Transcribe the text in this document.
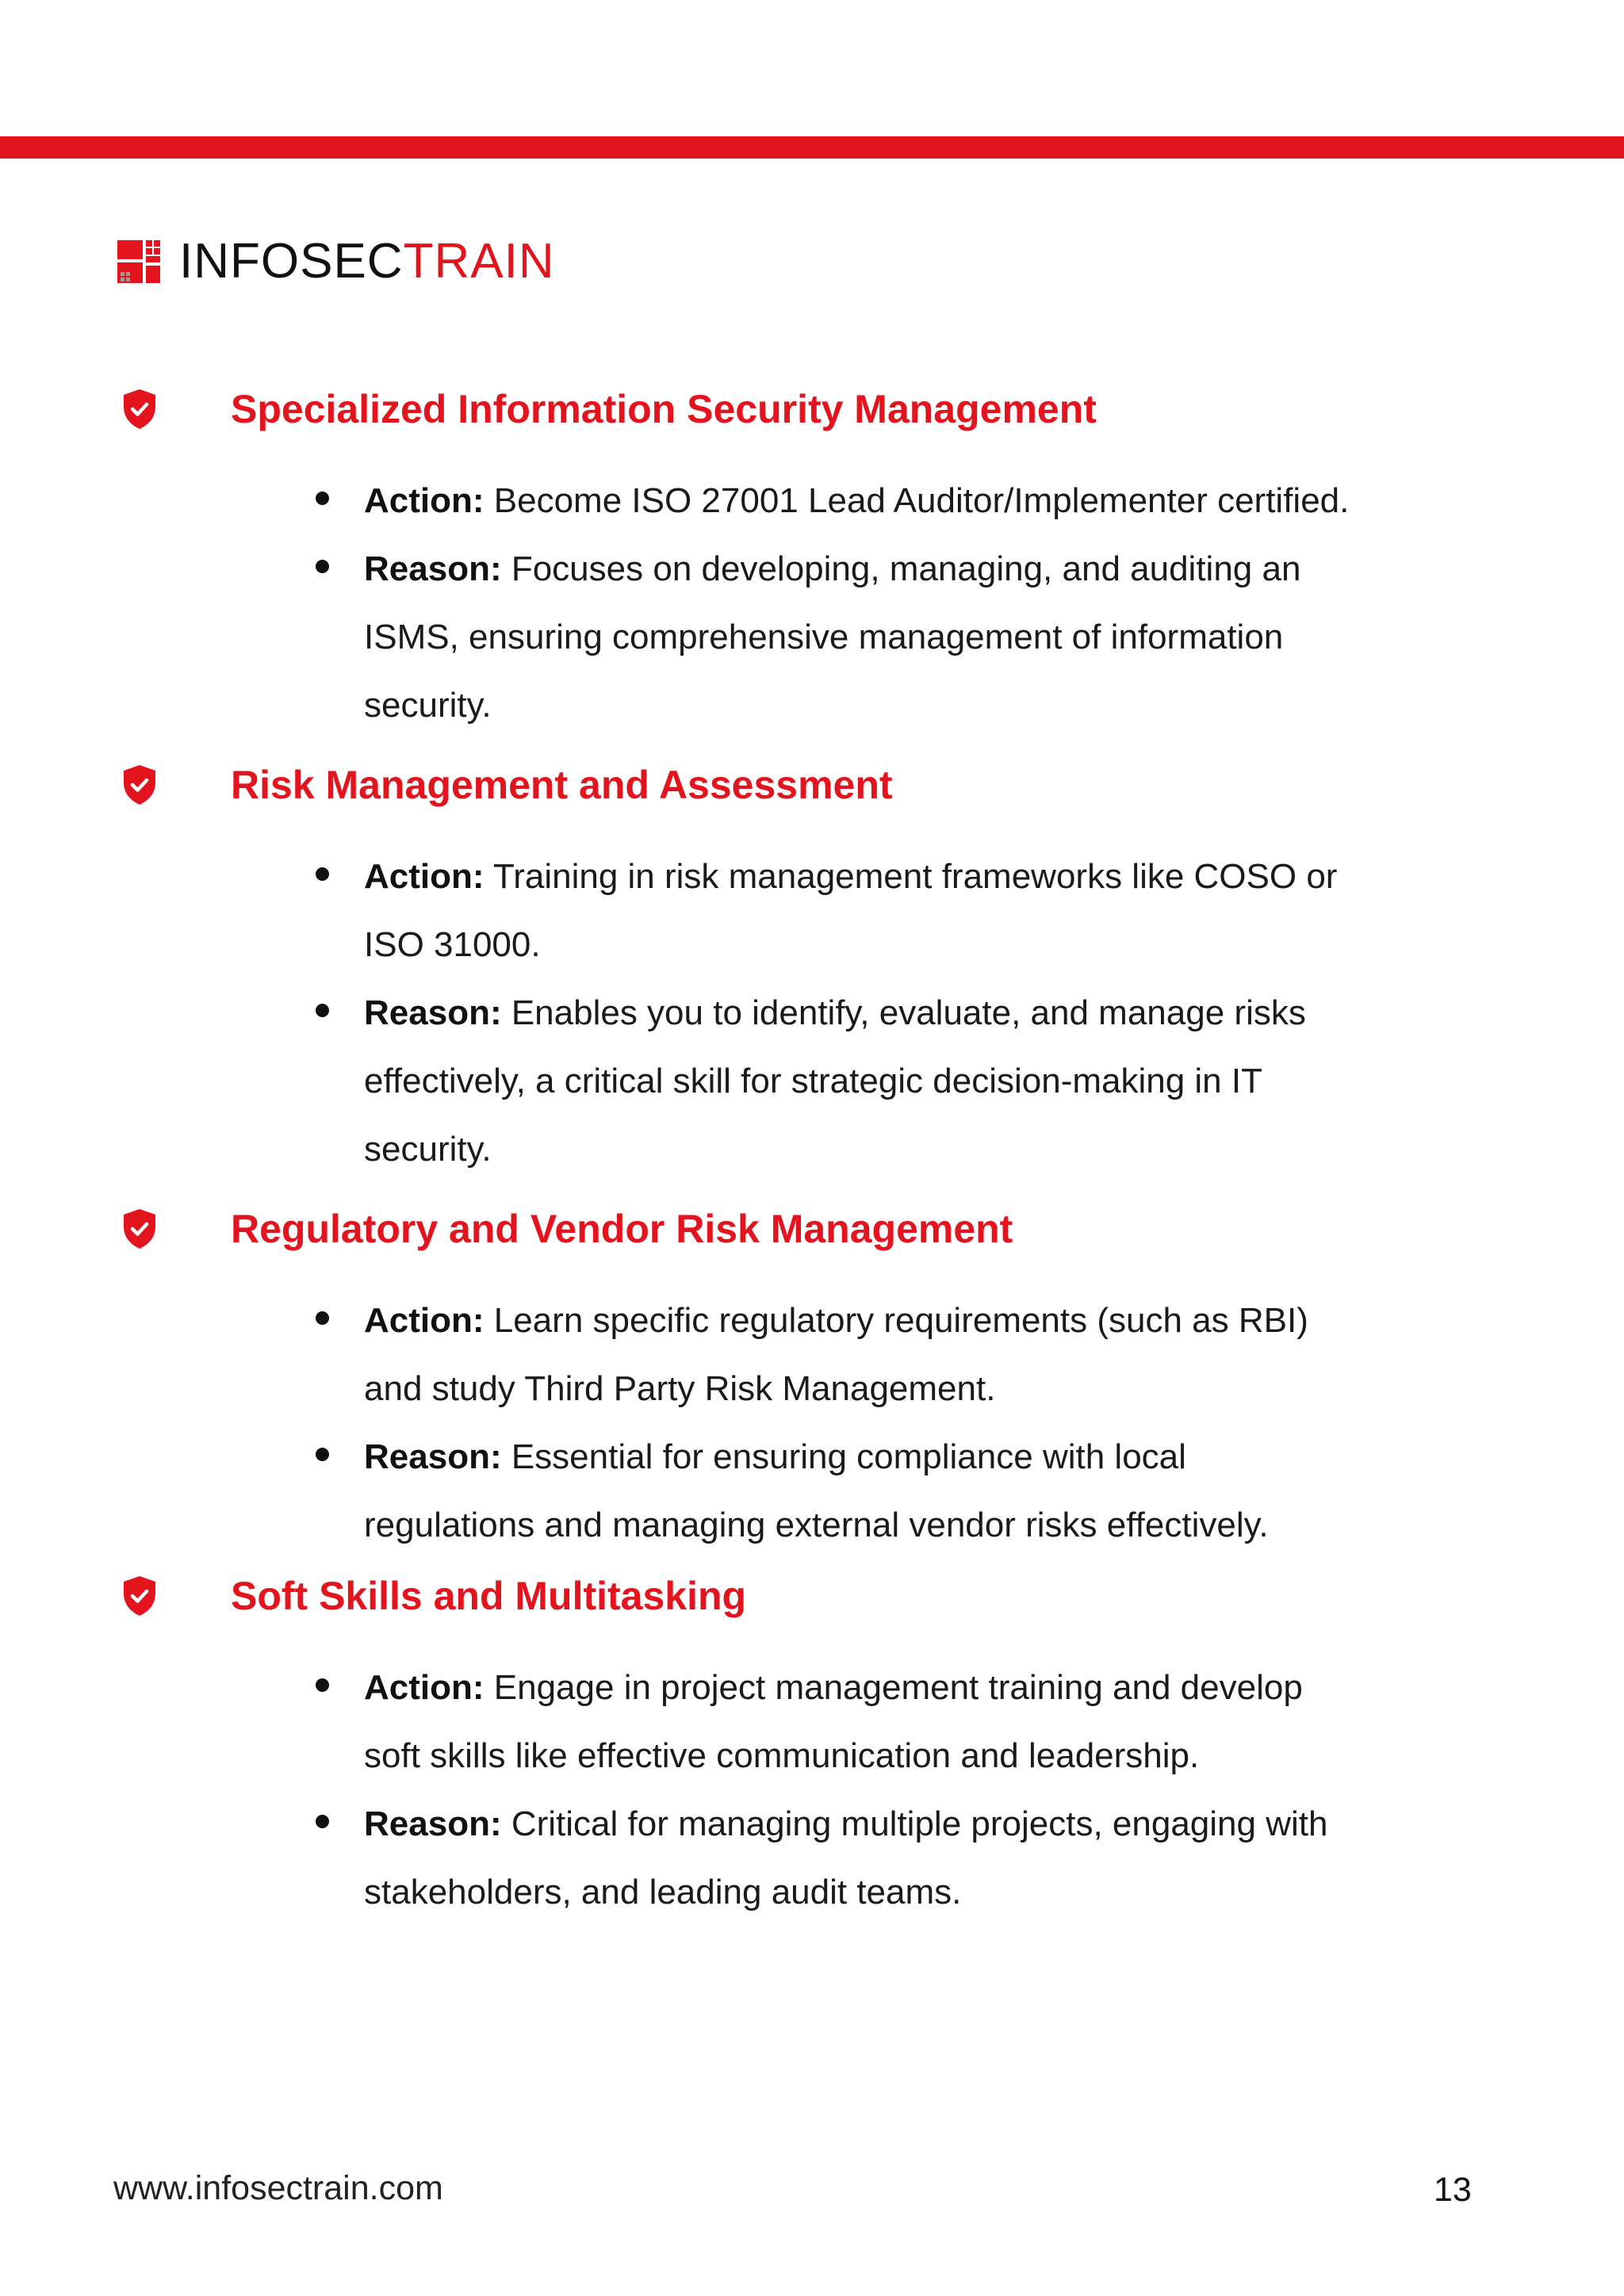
INFOSECTRAIN
Specialized Information Security Management
Action: Become ISO 27001 Lead Auditor/Implementer certified.
Reason: Focuses on developing, managing, and auditing an ISMS, ensuring comprehensive management of information security.
Risk Management and Assessment
Action: Training in risk management frameworks like COSO or ISO 31000.
Reason: Enables you to identify, evaluate, and manage risks effectively, a critical skill for strategic decision-making in IT security.
Regulatory and Vendor Risk Management
Action: Learn specific regulatory requirements (such as RBI) and study Third Party Risk Management.
Reason: Essential for ensuring compliance with local regulations and managing external vendor risks effectively.
Soft Skills and Multitasking
Action: Engage in project management training and develop soft skills like effective communication and leadership.
Reason: Critical for managing multiple projects, engaging with stakeholders, and leading audit teams.
www.infosectrain.com	13
